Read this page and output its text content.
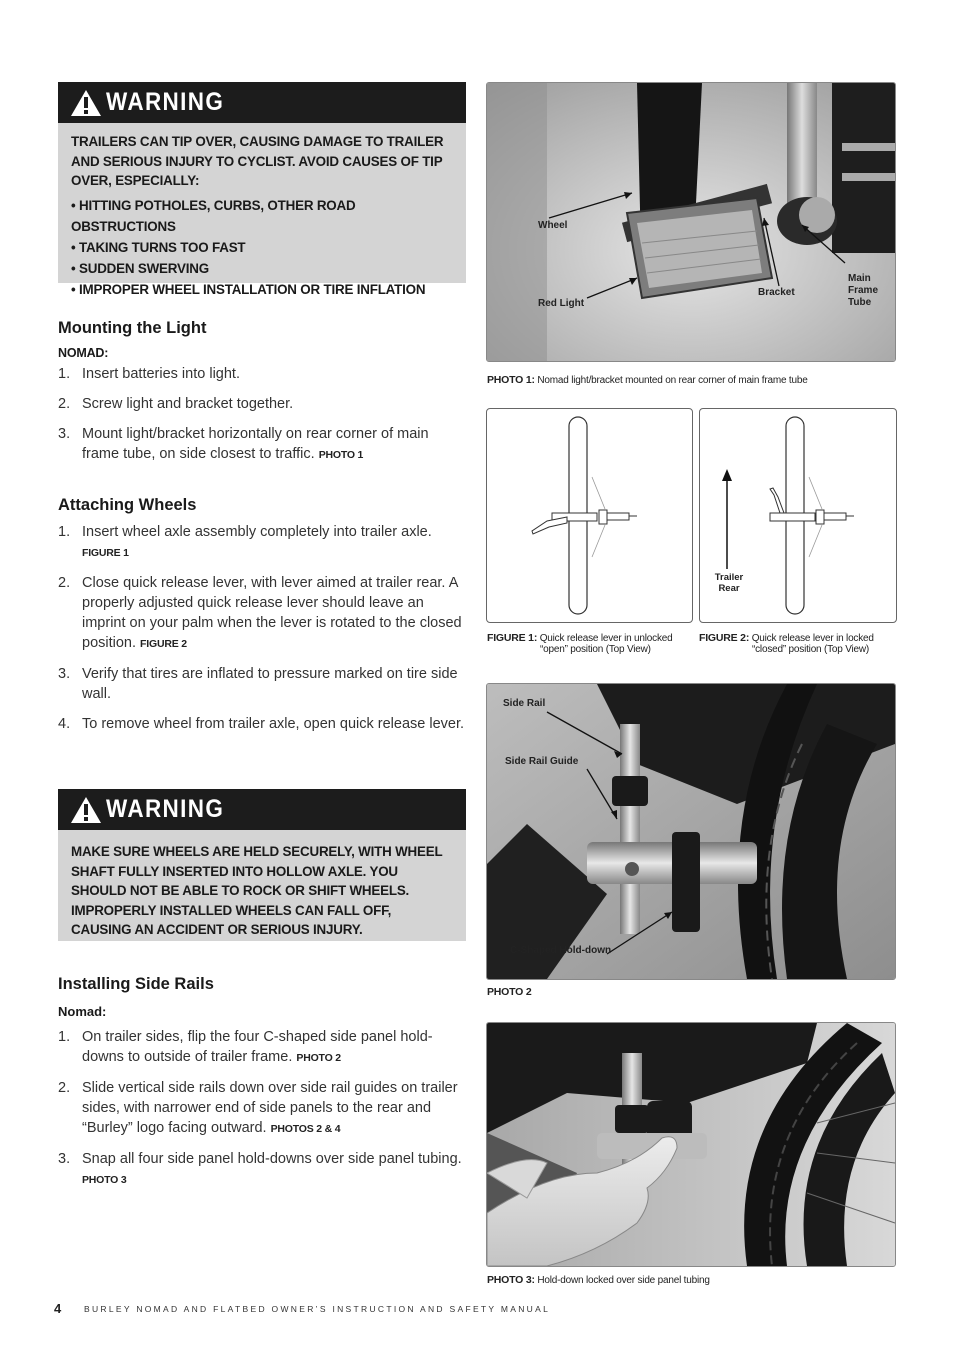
WARNING

TRAILERS CAN TIP OVER, CAUSING DAMAGE TO TRAILER AND SERIOUS INJURY TO CYCLIST. AVOID CAUSES OF TIP OVER, ESPECIALLY:

• HITTING POTHOLES, CURBS, OTHER ROAD OBSTRUCTIONS
• TAKING TURNS TOO FAST
• SUDDEN SWERVING
• IMPROPER WHEEL INSTALLATION OR TIRE INFLATION
Mounting the Light
NOMAD:
1. Insert batteries into light.
2. Screw light and bracket together.
3. Mount light/bracket horizontally on rear corner of main frame tube, on side closest to traffic. PHOTO 1
Attaching Wheels
1. Insert wheel axle assembly completely into trailer axle. FIGURE 1
2. Close quick release lever, with lever aimed at trailer rear. A properly adjusted quick release lever should leave an imprint on your palm when the lever is rotated to the closed position. FIGURE 2
3. Verify that tires are inflated to pressure marked on tire side wall.
4. To remove wheel from trailer axle, open quick release lever.
WARNING

MAKE SURE WHEELS ARE HELD SECURELY, WITH WHEEL SHAFT FULLY INSERTED INTO HOLLOW AXLE. YOU SHOULD NOT BE ABLE TO ROCK OR SHIFT WHEELS. IMPROPERLY INSTALLED WHEELS CAN FALL OFF, CAUSING AN ACCIDENT OR SERIOUS INJURY.

Installing Side Rails
Nomad:
1. On trailer sides, flip the four C-shaped side panel hold-downs to outside of trailer frame. PHOTO 2
2. Slide vertical side rails down over side rail guides on trailer sides, with narrower end of side panels to the rear and “Burley” logo facing outward. PHOTOS 2 & 4
3. Snap all four side panel hold-downs over side panel tubing. PHOTO 3
Wheel
Red Light
Bracket
Main
Frame
Tube
PHOTO 1: Nomad light/bracket mounted on rear corner of main frame tube
FIGURE 1: Quick release lever in unlocked
“open” position (Top View)
Trailer
Rear
FIGURE 2: Quick release lever in locked
“closed” position (Top View)
Side Rail
Side Rail Guide
C-Shaped Hold-down
PHOTO 2
PHOTO 3: Hold-down locked over side panel tubing
4	BURLEY NOMAD AND FLATBED OWNER’S INSTRUCTION AND SAFETY MANUAL
